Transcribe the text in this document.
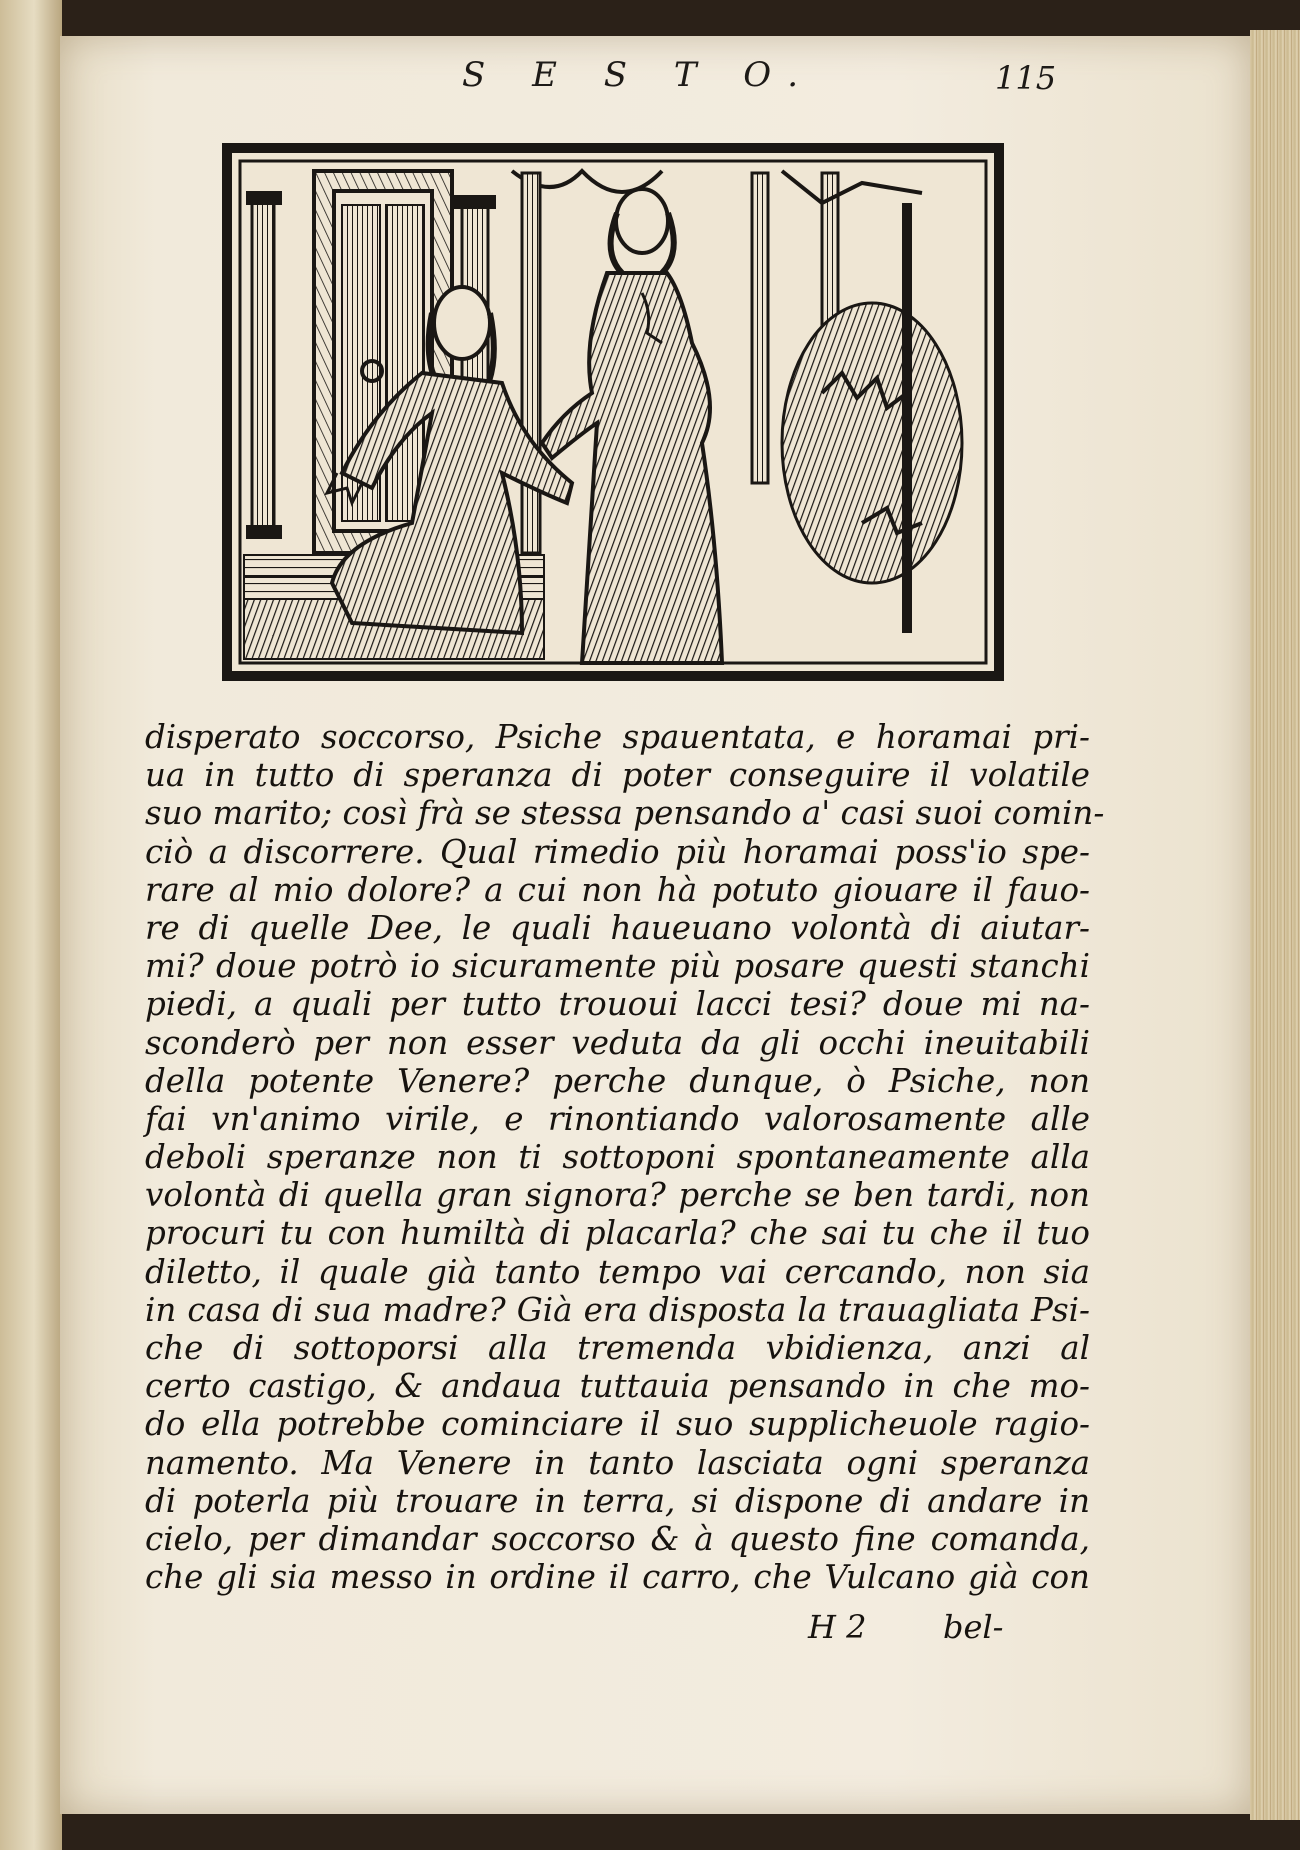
S E S T O.	115
disperato soccorso, Psiche spauentata, e horamai pri-
ua in tutto di speranza di poter conseguire il volatile
suo marito; così frà se stessa pensando a' casi suoi comin-
ciò a discorrere. Qual rimedio più horamai poss'io spe-
rare al mio dolore? a cui non hà potuto giouare il fauo-
re di quelle Dee, le quali haueuano volontà di aiutar-
mi? doue potrò io sicuramente più posare questi stanchi
piedi, a quali per tutto trououi lacci tesi? doue mi na-
sconderò per non esser veduta da gli occhi ineuitabili
della potente Venere? perche dunque, ò Psiche, non
fai vn'animo virile, e rinontiando valorosamente alle
deboli speranze non ti sottoponi spontaneamente alla
volontà di quella gran signora? perche se ben tardi, non
procuri tu con humiltà di placarla? che sai tu che il tuo
diletto, il quale già tanto tempo vai cercando, non sia
in casa di sua madre? Già era disposta la trauagliata Psi-
che di sottoporsi alla tremenda vbidienza, anzi al
certo castigo, & andaua tuttauia pensando in che mo-
do ella potrebbe cominciare il suo supplicheuole ragio-
namento. Ma Venere in tanto lasciata ogni speranza
di poterla più trouare in terra, si dispone di andare in
cielo, per dimandar soccorso & à questo fine comanda,
che gli sia messo in ordine il carro, che Vulcano già con
H 2 bel-
